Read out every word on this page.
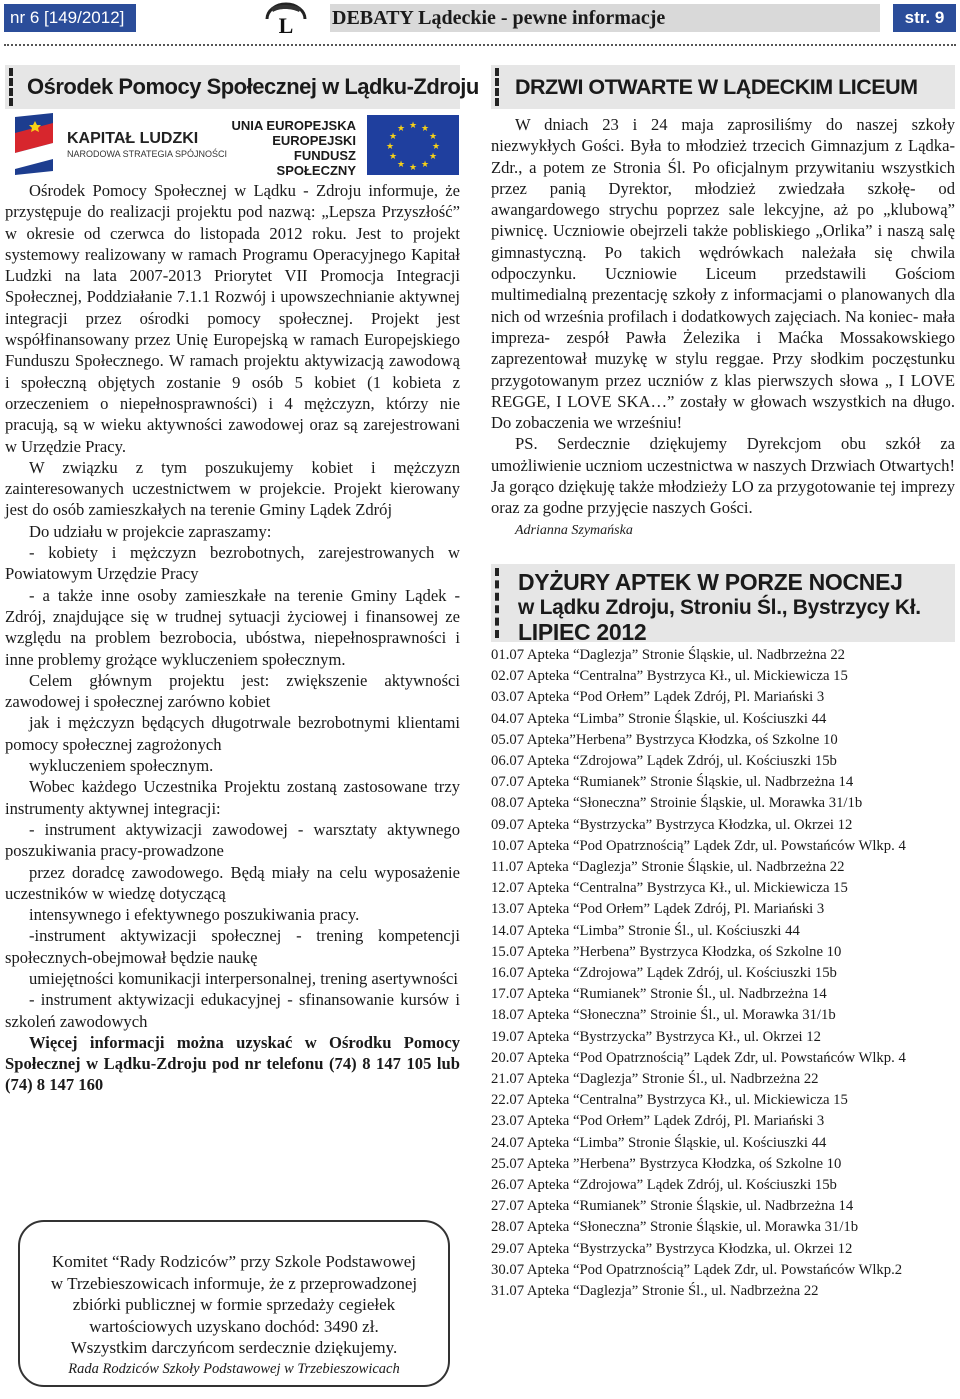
nr 6 [149/2012]	L DEBATY Lądeckie - pewne informacje	str. 9
Ośrodek Pomocy Społecznej w Lądku-Zdroju
KAPITAŁ LUDZKI
NARODOWA STRATEGIA SPÓJNOŚCI
UNIA EUROPEJSKA
EUROPEJSKI
FUNDUSZ SPOŁECZNY
★ ★
★
★
★
★
★
★
★
★
★
★

Ośrodek Pomocy Społecznej w Lądku - Zdroju informuje, że przystępuje do realizacji projektu pod nazwą: „Lepsza Przyszłość” w okresie od czerwca do listopada 2012 roku. Jest to projekt systemowy realizowany w ramach Programu Operacyjnego Kapitał Ludzki na lata 2007-2013 Priorytet VII Promocja Integracji Społecznej, Poddziałanie 7.1.1 Rozwój i upowszechnianie aktywnej integracji przez ośrodki pomocy społecznej. Projekt jest współfinansowany przez Unię Europejską w ramach Europejskiego Funduszu Społecznego. W ramach projektu aktywizacją zawodową i społeczną objętych zostanie 9 osób 5 kobiet (1 kobieta z orzeczeniem o niepełnosprawności) i 4 mężczyzn, którzy nie pracują, są w wieku aktywności zawodowej oraz są zarejestrowani w Urzędzie Pracy.

W związku z tym poszukujemy kobiet i mężczyzn zainteresowanych uczestnictwem w projekcie. Projekt kierowany jest do osób zamieszkałych na terenie Gminy Lądek Zdrój

Do udziału w projekcie zapraszamy:

- kobiety i mężczyzn bezrobotnych, zarejestrowanych w Powiatowym Urzędzie Pracy

- a także inne osoby zamieszkałe na terenie Gminy Lądek - Zdrój, znajdujące się w trudnej sytuacji życiowej i finansowej ze względu na problem bezrobocia, ubóstwa, niepełnosprawności i inne problemy grożące wykluczeniem społecznym.

Celem głównym projektu jest: zwiększenie aktywności zawodowej i społecznej zarówno kobiet

jak i mężczyzn będących długotrwale bezrobotnymi klientami pomocy społecznej zagrożonych

wykluczeniem społecznym.

Wobec każdego Uczestnika Projektu zostaną zastosowane trzy instrumenty aktywnej integracji:

- instrument aktywizacji zawodowej - warsztaty aktywnego poszukiwania pracy-prowadzone

przez doradcę zawodowego. Będą miały na celu wyposażenie uczestników w wiedzę dotyczącą

intensywnego i efektywnego poszukiwania pracy.

-instrument aktywizacji społecznej - trening kompetencji społecznych-obejmował będzie naukę

umiejętności komunikacji interpersonalnej, trening asertywności

- instrument aktywizacji edukacyjnej - sfinansowanie kursów i szkoleń zawodowych

Więcej informacji można uzyskać w Ośrodku Pomocy Społecznej w Lądku-Zdroju pod nr telefonu (74) 8 147 105 lub (74) 8 147 160

Komitet “Rady Rodziców” przy Szkole Podstawowej
w Trzebieszowicach informuje, że z przeprowadzonej
zbiórki publicznej w formie sprzedaży cegiełek
wartościowych uzyskano dochód: 3490 zł.
Wszystkim darczyńcom serdecznie dziękujemy.
Rada Rodziców Szkoły Podstawowej w Trzebieszowicach
DRZWI OTWARTE W LĄDECKIM LICEUM

W dniach 23 i 24 maja zaprosiliśmy do naszej szkoły niezwykłych Gości. Była to młodzież trzecich Gimnazjum z Lądka-Zdr., a potem ze Stronia Śl. Po oficjalnym przywitaniu wszystkich przez panią Dyrektor, młodzież zwiedzała szkołę- od awangardowego strychu poprzez sale lekcyjne, aż po „klubową” piwnicę. Uczniowie obejrzeli także pobliskiego „Orlika” i naszą salę gimnastyczną. Po takich wędrówkach należała się chwila odpoczynku. Uczniowie Liceum przedstawili Gościom multimedialną prezentację szkoły z informacjami o planowanych dla nich od września profilach i dodatkowych zajęciach. Na koniec- mała impreza- zespół Pawła Żelezika i Maćka Mossakowskiego zaprezentował muzykę w stylu reggae. Przy słodkim poczęstunku przygotowanym przez uczniów z klas pierwszych słowa „ I LOVE REGGE, I LOVE SKA…” zostały w głowach wszystkich na długo. Do zobaczenia we wrześniu!

PS. Serdecznie dziękujemy Dyrekcjom obu szkół za umożliwienie uczniom uczestnictwa w naszych Drzwiach Otwartych! Ja gorąco dziękuję także młodzieży LO za przygotowanie tej imprezy oraz za godne przyjęcie naszych Gości.

Adrianna Szymańska
DYŻURY APTEK W PORZE NOCNEJ
w Lądku Zdroju, Stroniu Śl., Bystrzycy Kł.
LIPIEC 2012
01.07 Apteka “Daglezja” Stronie Śląskie, ul. Nadbrzeżna 22
02.07 Apteka “Centralna” Bystrzyca Kł., ul. Mickiewicza 15
03.07 Apteka “Pod Orłem” Lądek Zdrój, Pl. Mariański 3
04.07 Apteka “Limba” Stronie Śląskie, ul. Kościuszki 44
05.07 Apteka”Herbena” Bystrzyca Kłodzka, oś Szkolne 10
06.07 Apteka “Zdrojowa” Lądek Zdrój, ul. Kościuszki 15b
07.07 Apteka “Rumianek” Stronie Śląskie, ul. Nadbrzeżna 14
08.07 Apteka “Słoneczna” Stroinie Śląskie, ul. Morawka 31/1b
09.07 Apteka “Bystrzycka” Bystrzyca Kłodzka, ul. Okrzei 12
10.07 Apteka “Pod Opatrznością” Lądek Zdr, ul. Powstańców Wlkp. 4
11.07 Apteka “Daglezja” Stronie Śląskie, ul. Nadbrzeżna 22
12.07 Apteka “Centralna” Bystrzyca Kł., ul. Mickiewicza 15
13.07 Apteka “Pod Orłem” Lądek Zdrój, Pl. Mariański 3
14.07 Apteka “Limba” Stronie Śl., ul. Kościuszki 44
15.07 Apteka ”Herbena” Bystrzyca Kłodzka, oś Szkolne 10
16.07 Apteka “Zdrojowa” Lądek Zdrój, ul. Kościuszki 15b
17.07 Apteka “Rumianek” Stronie Śl., ul. Nadbrzeżna 14
18.07 Apteka “Słoneczna” Stroinie Śl., ul. Morawka 31/1b
19.07 Apteka “Bystrzycka” Bystrzyca Kł., ul. Okrzei 12
20.07 Apteka “Pod Opatrznością” Lądek Zdr, ul. Powstańców Wlkp. 4
21.07 Apteka “Daglezja” Stronie Śl., ul. Nadbrzeżna 22
22.07 Apteka “Centralna” Bystrzyca Kł., ul. Mickiewicza 15
23.07 Apteka “Pod Orłem” Lądek Zdrój, Pl. Mariański 3
24.07 Apteka “Limba” Stronie Śląskie, ul. Kościuszki 44
25.07 Apteka ”Herbena” Bystrzyca Kłodzka, oś Szkolne 10
26.07 Apteka “Zdrojowa” Lądek Zdrój, ul. Kościuszki 15b
27.07 Apteka “Rumianek” Stronie Śląskie, ul. Nadbrzeżna 14
28.07 Apteka “Słoneczna” Stronie Śląskie, ul. Morawka 31/1b
29.07 Apteka “Bystrzycka” Bystrzyca Kłodzka, ul. Okrzei 12
30.07 Apteka “Pod Opatrznością” Lądek Zdr, ul. Powstańców Wlkp.2
31.07 Apteka “Daglezja” Stronie Śl., ul. Nadbrzeżna 22
